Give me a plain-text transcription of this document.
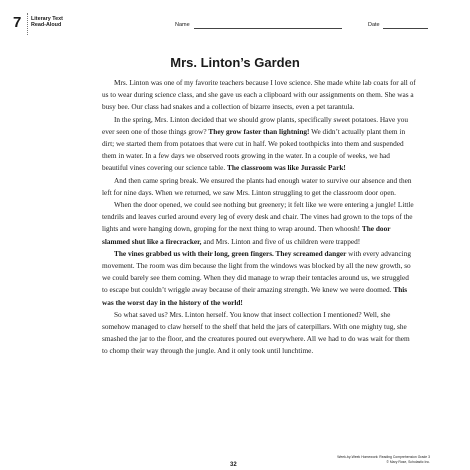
7 Literary Text
Read-Aloud	Name	Date
Mrs. Linton’s Garden

Mrs. Linton was one of my favorite teachers because I love science. She made white lab coats for all of us to wear during science class, and she gave us each a clipboard with our assignments on them. She was a busy bee. Our class had snakes and a collection of bizarre insects, even a pet tarantula.

In the spring, Mrs. Linton decided that we should grow plants, specifically sweet potatoes. Have you ever seen one of those things grow? They grow faster than lightning! We didn’t actually plant them in dirt; we started them from potatoes that were cut in half. We poked toothpicks into them and suspended them in water. In a few days we observed roots growing in the water. In a couple of weeks, we had beautiful vines covering our science table. The classroom was like Jurassic Park!

And then came spring break. We ensured the plants had enough water to survive our absence and then left for nine days. When we returned, we saw Mrs. Linton struggling to get the classroom door open.

When the door opened, we could see nothing but greenery; it felt like we were entering a jungle! Little tendrils and leaves curled around every leg of every desk and chair. The vines had grown to the tops of the lights and were hanging down, groping for the next thing to wrap around. Then whoosh! The door slammed shut like a firecracker, and Mrs. Linton and five of us children were trapped!

The vines grabbed us with their long, green fingers. They screamed danger with every advancing movement. The room was dim because the light from the windows was blocked by all the new growth, so we could barely see them coming. When they did manage to wrap their tentacles around us, we struggled to escape but couldn’t wriggle away because of their amazing strength. We knew we were doomed. This was the worst day in the history of the world!

So what saved us? Mrs. Linton herself. You know that insect collection I mentioned? Well, she somehow managed to claw herself to the shelf that held the jars of caterpillars. With one mighty tug, she smashed the jar to the floor, and the creatures poured out everywhere. All we had to do was wait for them to chomp their way through the jungle. And it only took until lunchtime.

32
Week-by-Week Homework: Reading Comprehension Grade 3
© Mary Rose, Scholastic Inc.
